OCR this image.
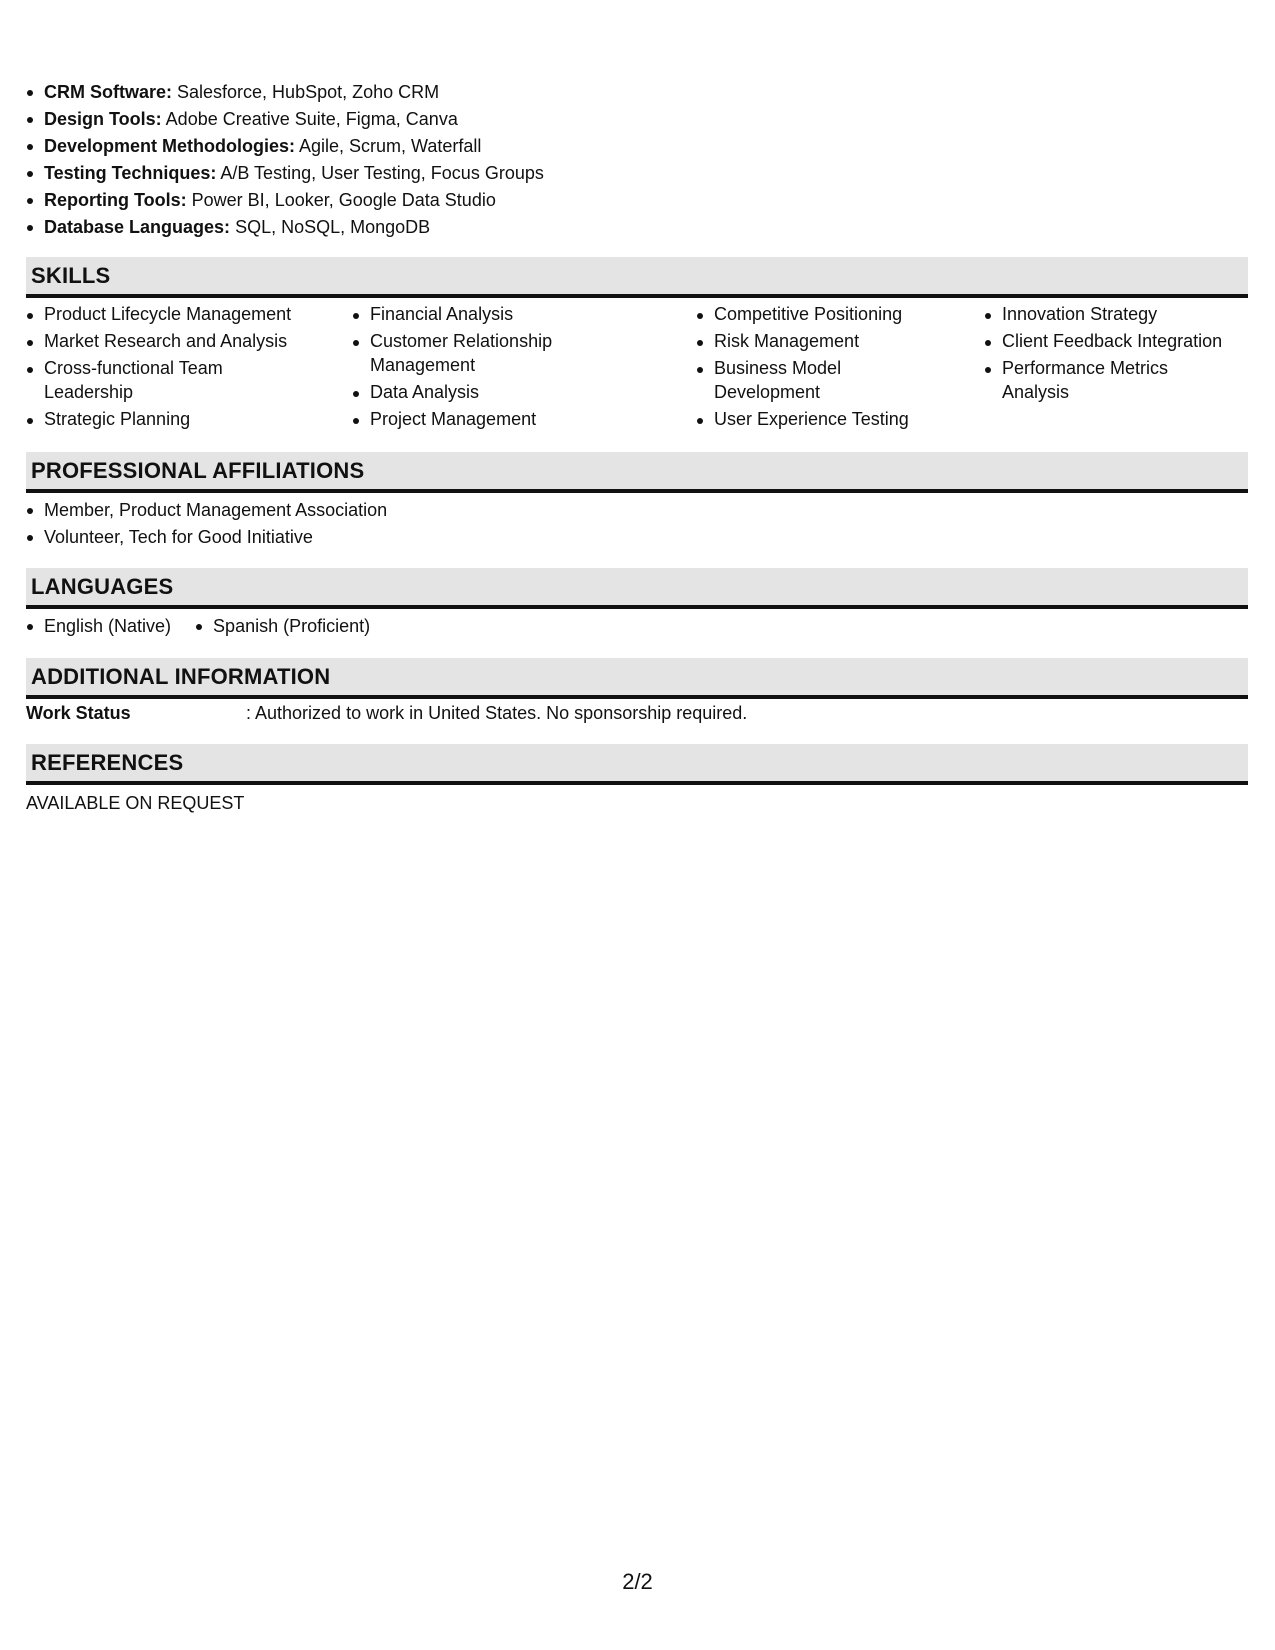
CRM Software: Salesforce, HubSpot, Zoho CRM
Design Tools: Adobe Creative Suite, Figma, Canva
Development Methodologies: Agile, Scrum, Waterfall
Testing Techniques: A/B Testing, User Testing, Focus Groups
Reporting Tools: Power BI, Looker, Google Data Studio
Database Languages: SQL, NoSQL, MongoDB
SKILLS
Product Lifecycle Management
Market Research and Analysis
Cross-functional Team Leadership
Strategic Planning
Financial Analysis
Customer Relationship Management
Data Analysis
Project Management
Competitive Positioning
Risk Management
Business Model Development
User Experience Testing
Innovation Strategy
Client Feedback Integration
Performance Metrics Analysis
PROFESSIONAL AFFILIATIONS
Member, Product Management Association
Volunteer, Tech for Good Initiative
LANGUAGES
English (Native)	Spanish (Proficient)
ADDITIONAL INFORMATION
Work Status	: Authorized to work in United States. No sponsorship required.
REFERENCES
AVAILABLE ON REQUEST
2/2
